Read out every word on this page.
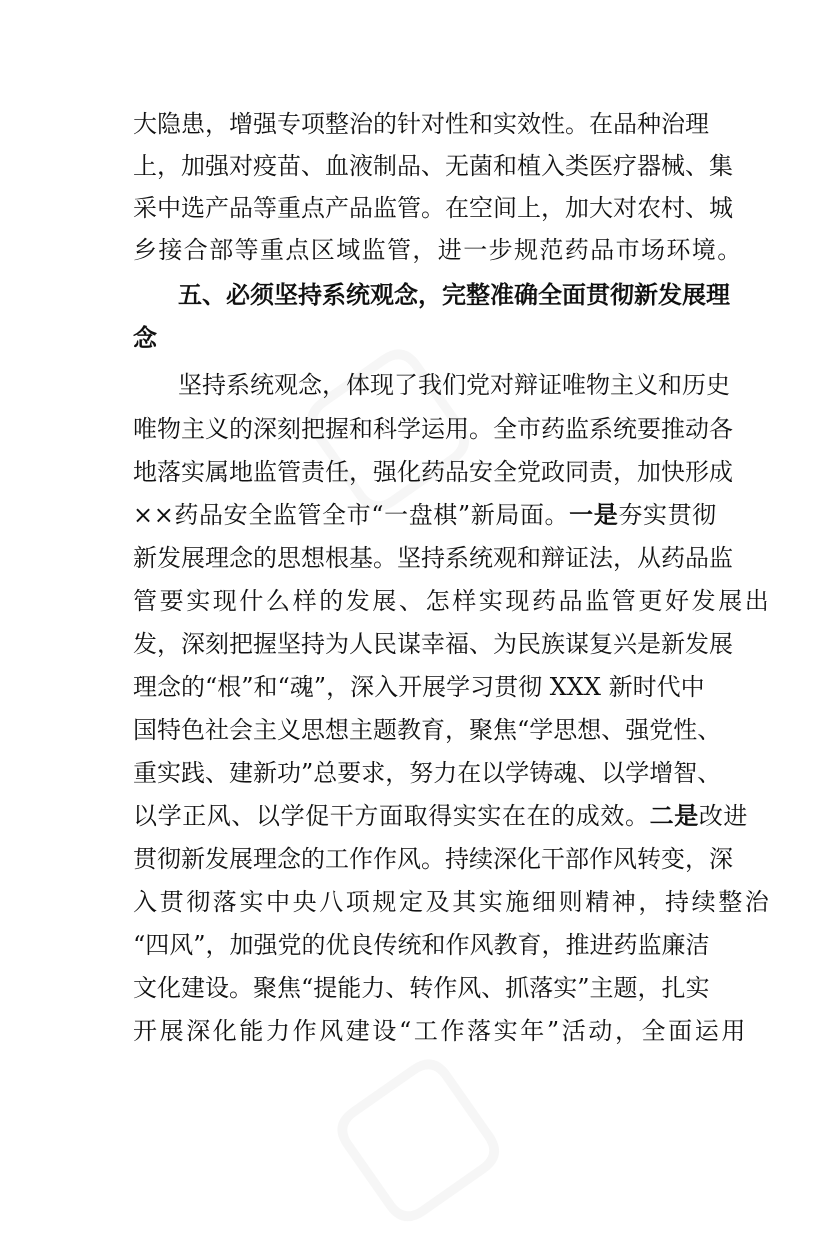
大隐患，增强专项整治的针对性和实效性。在品种治理
上，加强对疫苗、血液制品、无菌和植入类医疗器械、集
采中选产品等重点产品监管。在空间上，加大对农村、城
乡接合部等重点区域监管，进一步规范药品市场环境。
五、必须坚持系统观念，完整准确全面贯彻新发展理
念
坚持系统观念，体现了我们党对辩证唯物主义和历史
唯物主义的深刻把握和科学运用。全市药监系统要推动各
地落实属地监管责任，强化药品安全党政同责，加快形成
××药品安全监管全市“一盘棋”新局面。一是夯实贯彻
新发展理念的思想根基。坚持系统观和辩证法，从药品监
管要实现什么样的发展、怎样实现药品监管更好发展出
发，深刻把握坚持为人民谋幸福、为民族谋复兴是新发展
理念的“根”和“魂”，深入开展学习贯彻 XXX 新时代中
国特色社会主义思想主题教育，聚焦“学思想、强党性、
重实践、建新功”总要求，努力在以学铸魂、以学增智、
以学正风、以学促干方面取得实实在在的成效。二是改进
贯彻新发展理念的工作作风。持续深化干部作风转变，深
入贯彻落实中央八项规定及其实施细则精神，持续整治
“四风”，加强党的优良传统和作风教育，推进药监廉洁
文化建设。聚焦“提能力、转作风、抓落实”主题，扎实
开展深化能力作风建设“工作落实年”活动，全面运用
